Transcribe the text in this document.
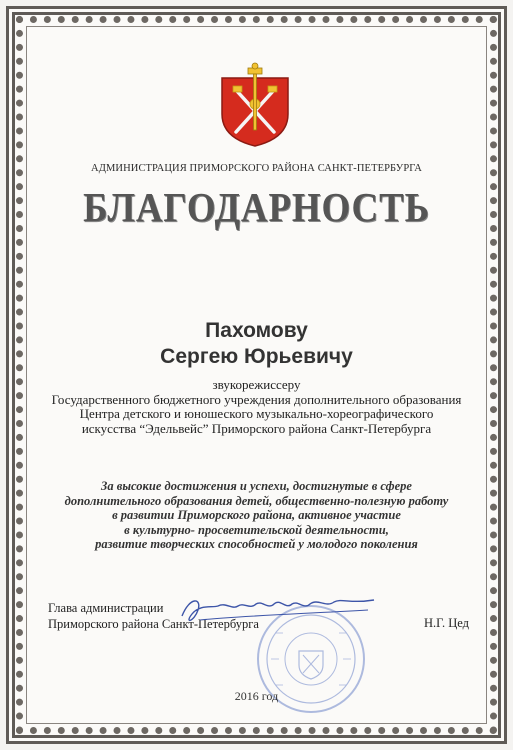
АДМИНИСТРАЦИЯ ПРИМОРСКОГО РАЙОНА САНКТ-ПЕТЕРБУРГА
БЛАГОДАРНОСТЬ
Пахомову
Сергею Юрьевичу
звукорежиссеру
Государственного бюджетного учреждения дополнительного образования
Центра детского и юношеского музыкально-хореографического
искусства “Эдельвейс” Приморского района Санкт-Петербурга
За высокие достижения и успехи, достигнутые в сфере
дополнительного образования детей, общественно-полезную работу
в развитии Приморского района, активное участие
в культурно- просветительской деятельности,
развитие творческих способностей у молодого поколения
Глава администрации
Приморского района Санкт-Петербурга	Н.Г. Цед
2016 год
